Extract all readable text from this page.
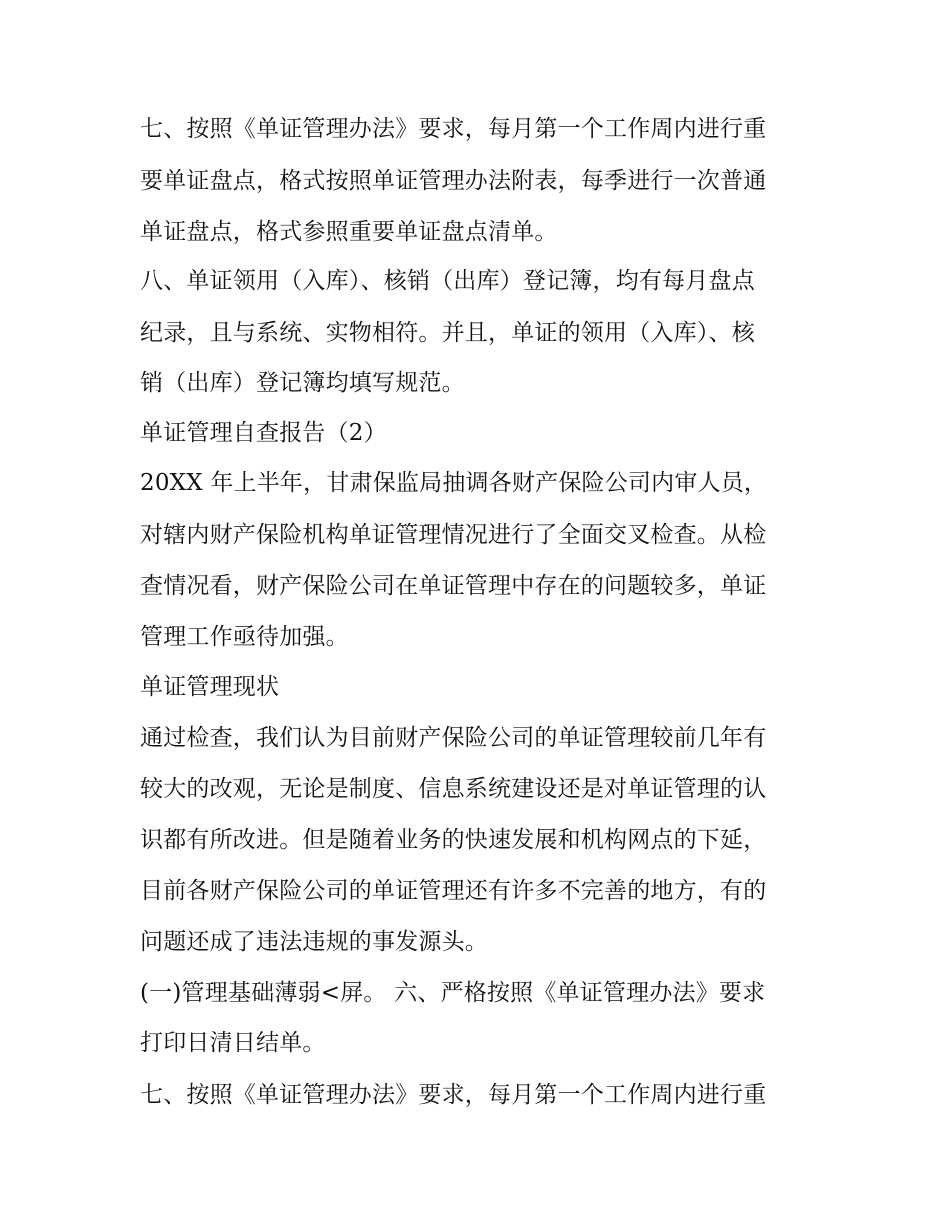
七、按照《单证管理办法》要求，每月第一个工作周内进行重
要单证盘点，格式按照单证管理办法附表，每季进行一次普通
单证盘点，格式参照重要单证盘点清单。
八、单证领用（入库）、核销（出库）登记簿，均有每月盘点
纪录，且与系统、实物相符。并且，单证的领用（入库）、核
销（出库）登记簿均填写规范。
单证管理自查报告（2）
20XX 年上半年，甘肃保监局抽调各财产保险公司内审人员，
对辖内财产保险机构单证管理情况进行了全面交叉检查。从检
查情况看，财产保险公司在单证管理中存在的问题较多，单证
管理工作亟待加强。
单证管理现状
通过检查，我们认为目前财产保险公司的单证管理较前几年有
较大的改观，无论是制度、信息系统建设还是对单证管理的认
识都有所改进。但是随着业务的快速发展和机构网点的下延，
目前各财产保险公司的单证管理还有许多不完善的地方，有的
问题还成了违法违规的事发源头。
(一)管理基础薄弱<屏。 六、严格按照《单证管理办法》要求
打印日清日结单。
七、按照《单证管理办法》要求，每月第一个工作周内进行重
